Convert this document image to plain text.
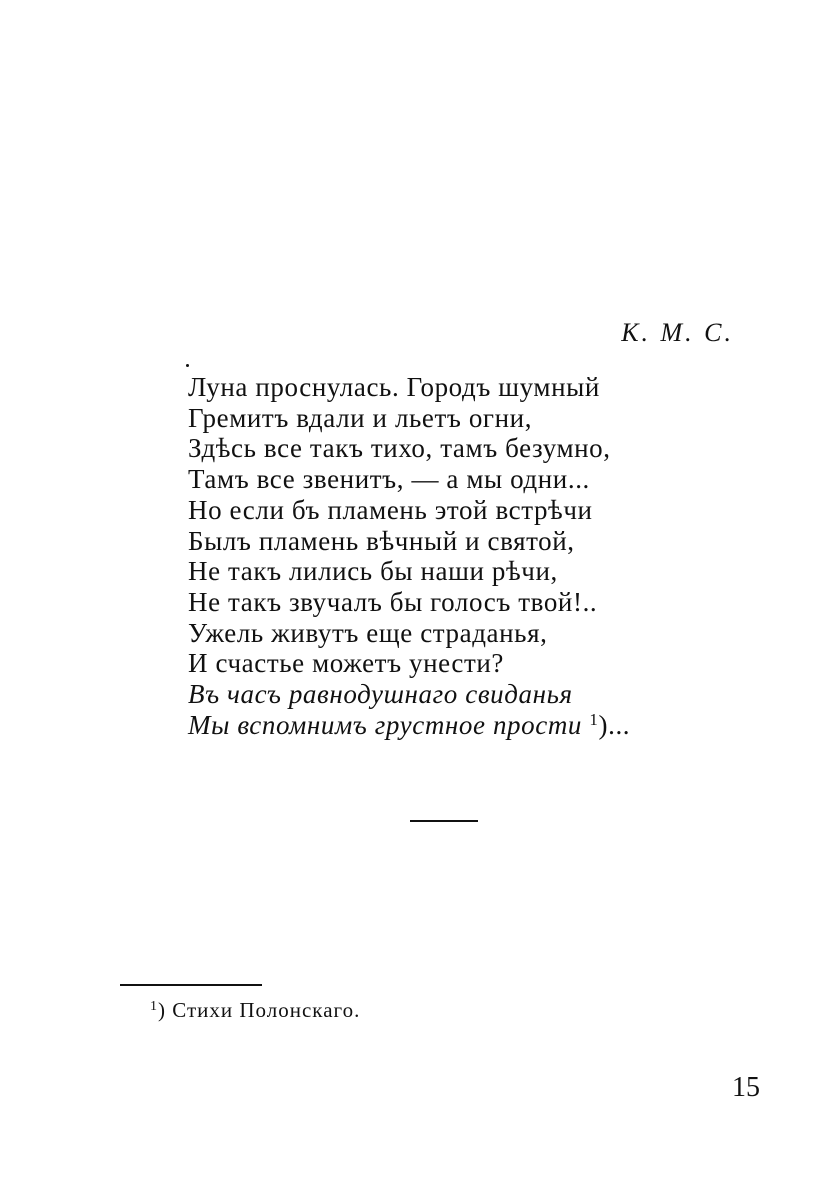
К. М. С.
Луна проснулась. Городъ шумный
Гремитъ вдали и льетъ огни,
Здѣсь все такъ тихо, тамъ безумно,
Тамъ все звенитъ, — а мы одни...
Но если бъ пламень этой встрѣчи
Былъ пламень вѣчный и святой,
Не такъ лились бы наши рѣчи,
Не такъ звучалъ бы голосъ твой!..
Ужель живутъ еще страданья,
И счастье можетъ унести?
Въ часъ равнодушнаго свиданья
Мы вспомнимъ грустное прости $^1$)...
$^1$) Стихи Полонскаго.
15
